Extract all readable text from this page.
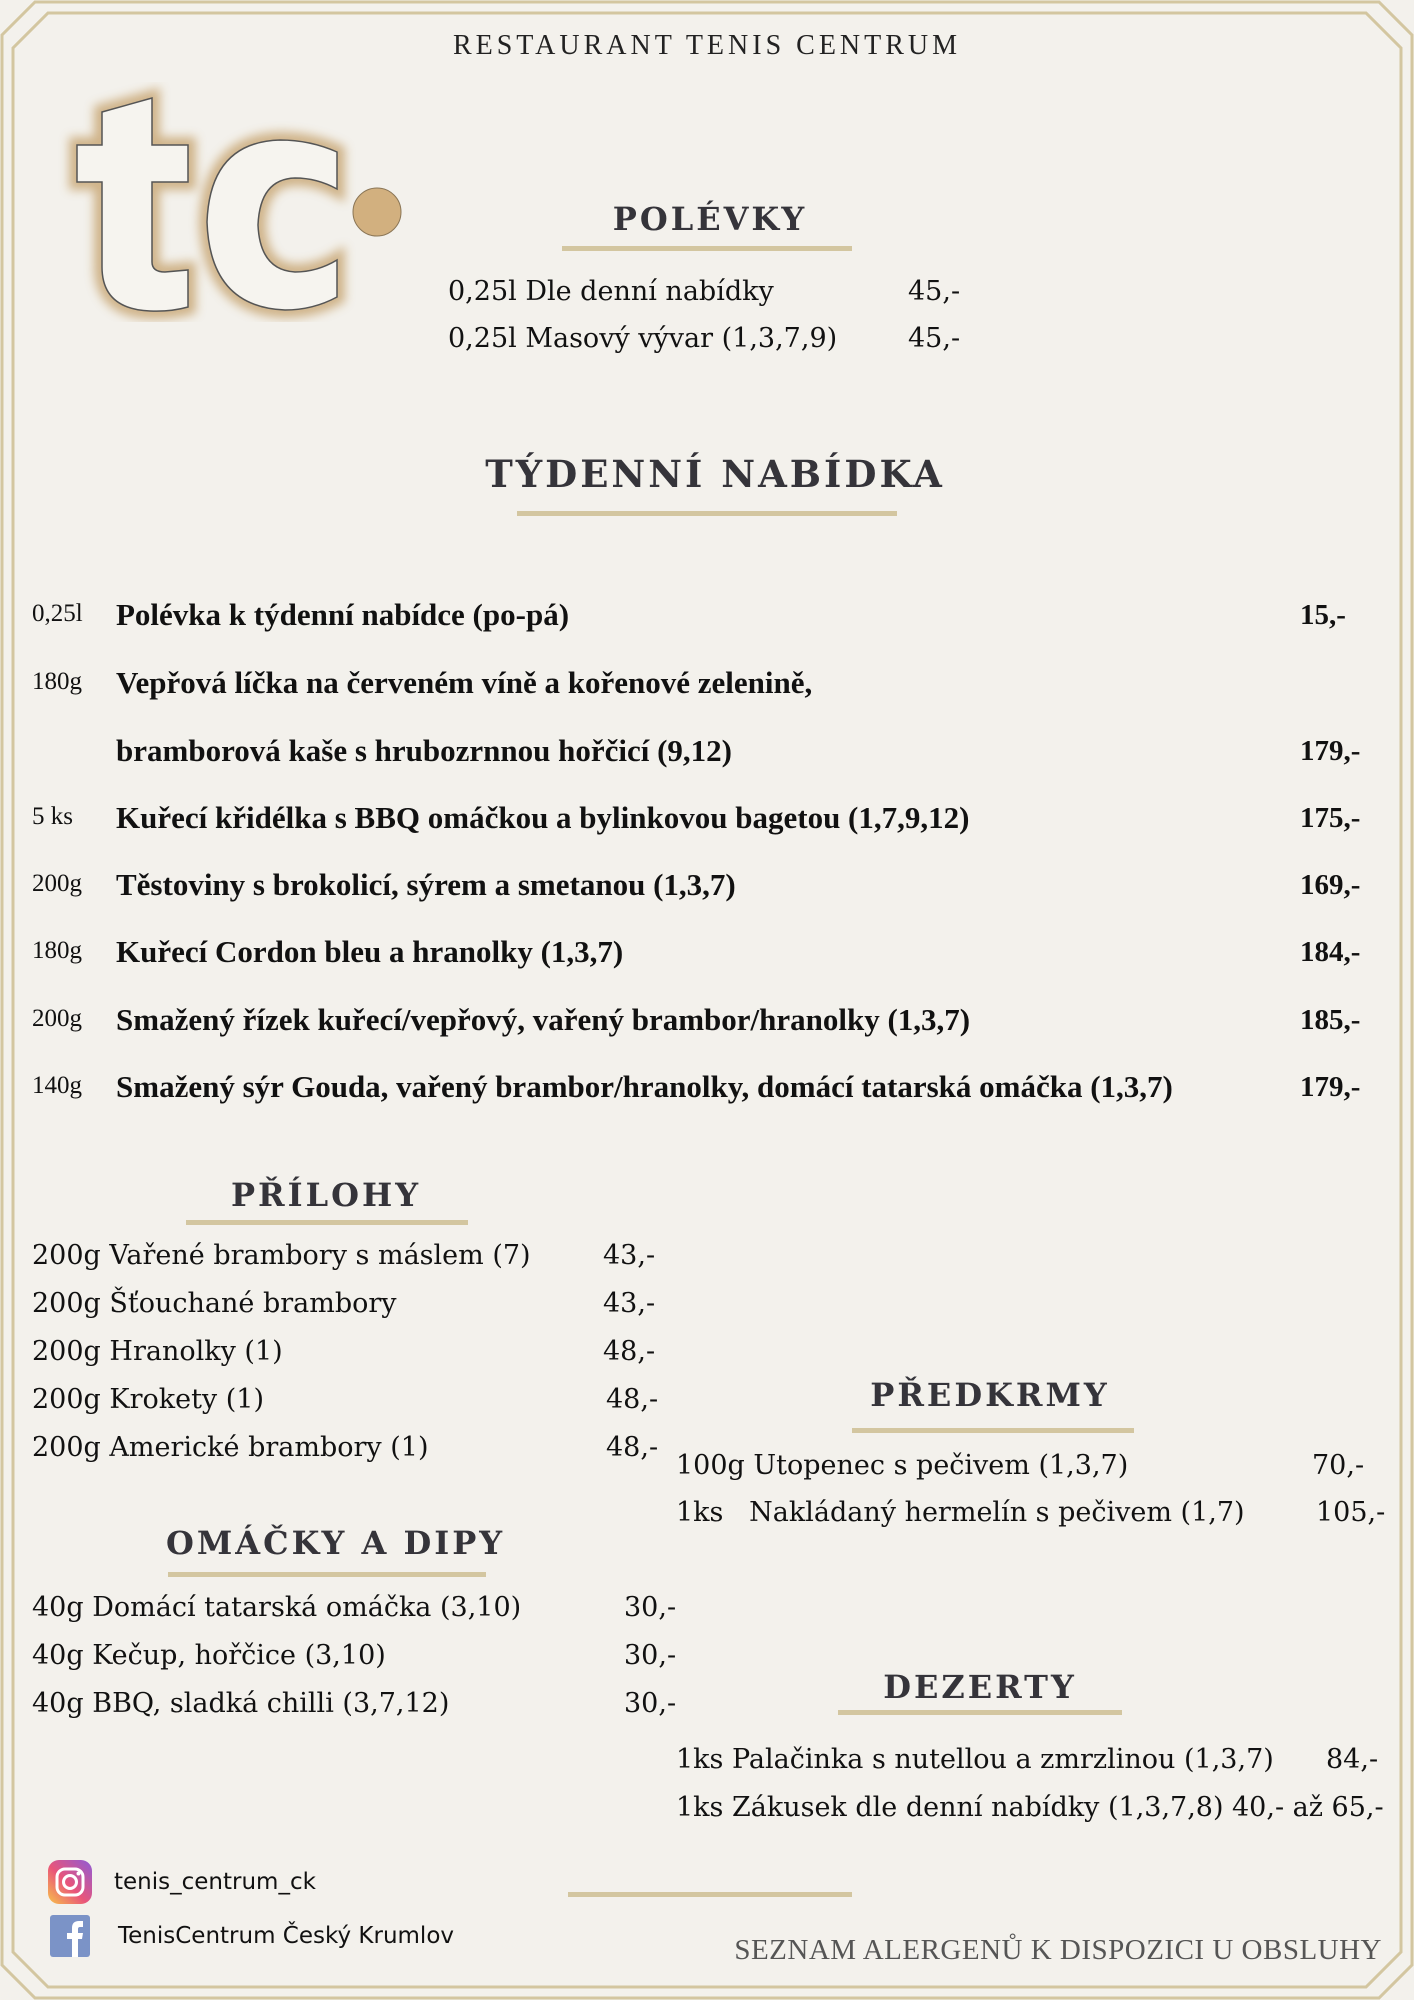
RESTAURANT TENIS CENTRUM
POLÉVKY
0,25l Dle denní nabídky	45,-
0,25l Masový vývar (1,3,7,9)	45,-
TÝDENNÍ NABÍDKA
0,25l Polévka k týdenní nabídce (po-pá)	15,-
180g Vepřová líčka na červeném víně a kořenové zelenině,
bramborová kaše s hrubozrnnou hořčicí (9,12)	179,-
5 ks Kuřecí křidélka s BBQ omáčkou a bylinkovou bagetou (1,7,9,12)	175,-
200g Těstoviny s brokolicí, sýrem a smetanou (1,3,7)	169,-
180g Kuřecí Cordon bleu a hranolky (1,3,7)	184,-
200g Smažený řízek kuřecí/vepřový, vařený brambor/hranolky (1,3,7)	185,-
140g Smažený sýr Gouda, vařený brambor/hranolky, domácí tatarská omáčka (1,3,7)	179,-
PŘÍLOHY
200g Vařené brambory s máslem (7)	43,-
200g Šťouchané brambory	43,-
200g Hranolky (1)	48,-
200g Krokety (1)	48,-
200g Americké brambory (1)	48,-
OMÁČKY A DIPY
40g Domácí tatarská omáčka (3,10)	30,-
40g Kečup, hořčice (3,10)	30,-
40g BBQ, sladká chilli (3,7,12)	30,-
PŘEDKRMY
100g Utopenec s pečivem (1,3,7)	70,-
1ks   Nakládaný hermelín s pečivem (1,7)	105,-
DEZERTY
1ks Palačinka s nutellou a zmrzlinou (1,3,7) 84,-
1ks Zákusek dle denní nabídky (1,3,7,8) 40,- až 65,-
tenis_centrum_ck
TenisCentrum Český Krumlov	SEZNAM ALERGENŮ K DISPOZICI U OBSLUHY
